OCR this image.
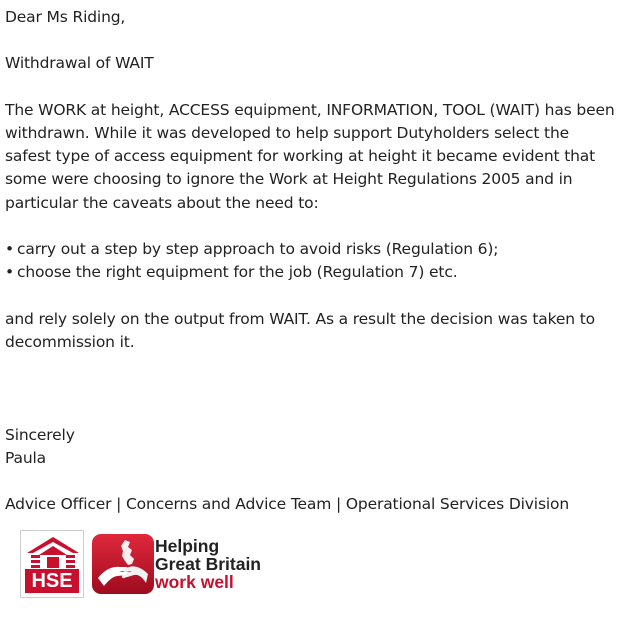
Dear Ms Riding,

Withdrawal of WAIT

The WORK at height, ACCESS equipment, INFORMATION, TOOL (WAIT) has been withdrawn. While it was developed to help support Dutyholders select the safest type of access equipment for working at height it became evident that some were choosing to ignore the Work at Height Regulations 2005 and in particular the caveats about the need to:

• carry out a step by step approach to avoid risks (Regulation 6);

• choose the right equipment for the job (Regulation 7) etc.

and rely solely on the output from WAIT. As a result the decision was taken to decommission it.

Sincerely

Paula

Advice Officer | Concerns and Advice Team | Operational Services Division

HSE
Helping
Great Britain
work well
